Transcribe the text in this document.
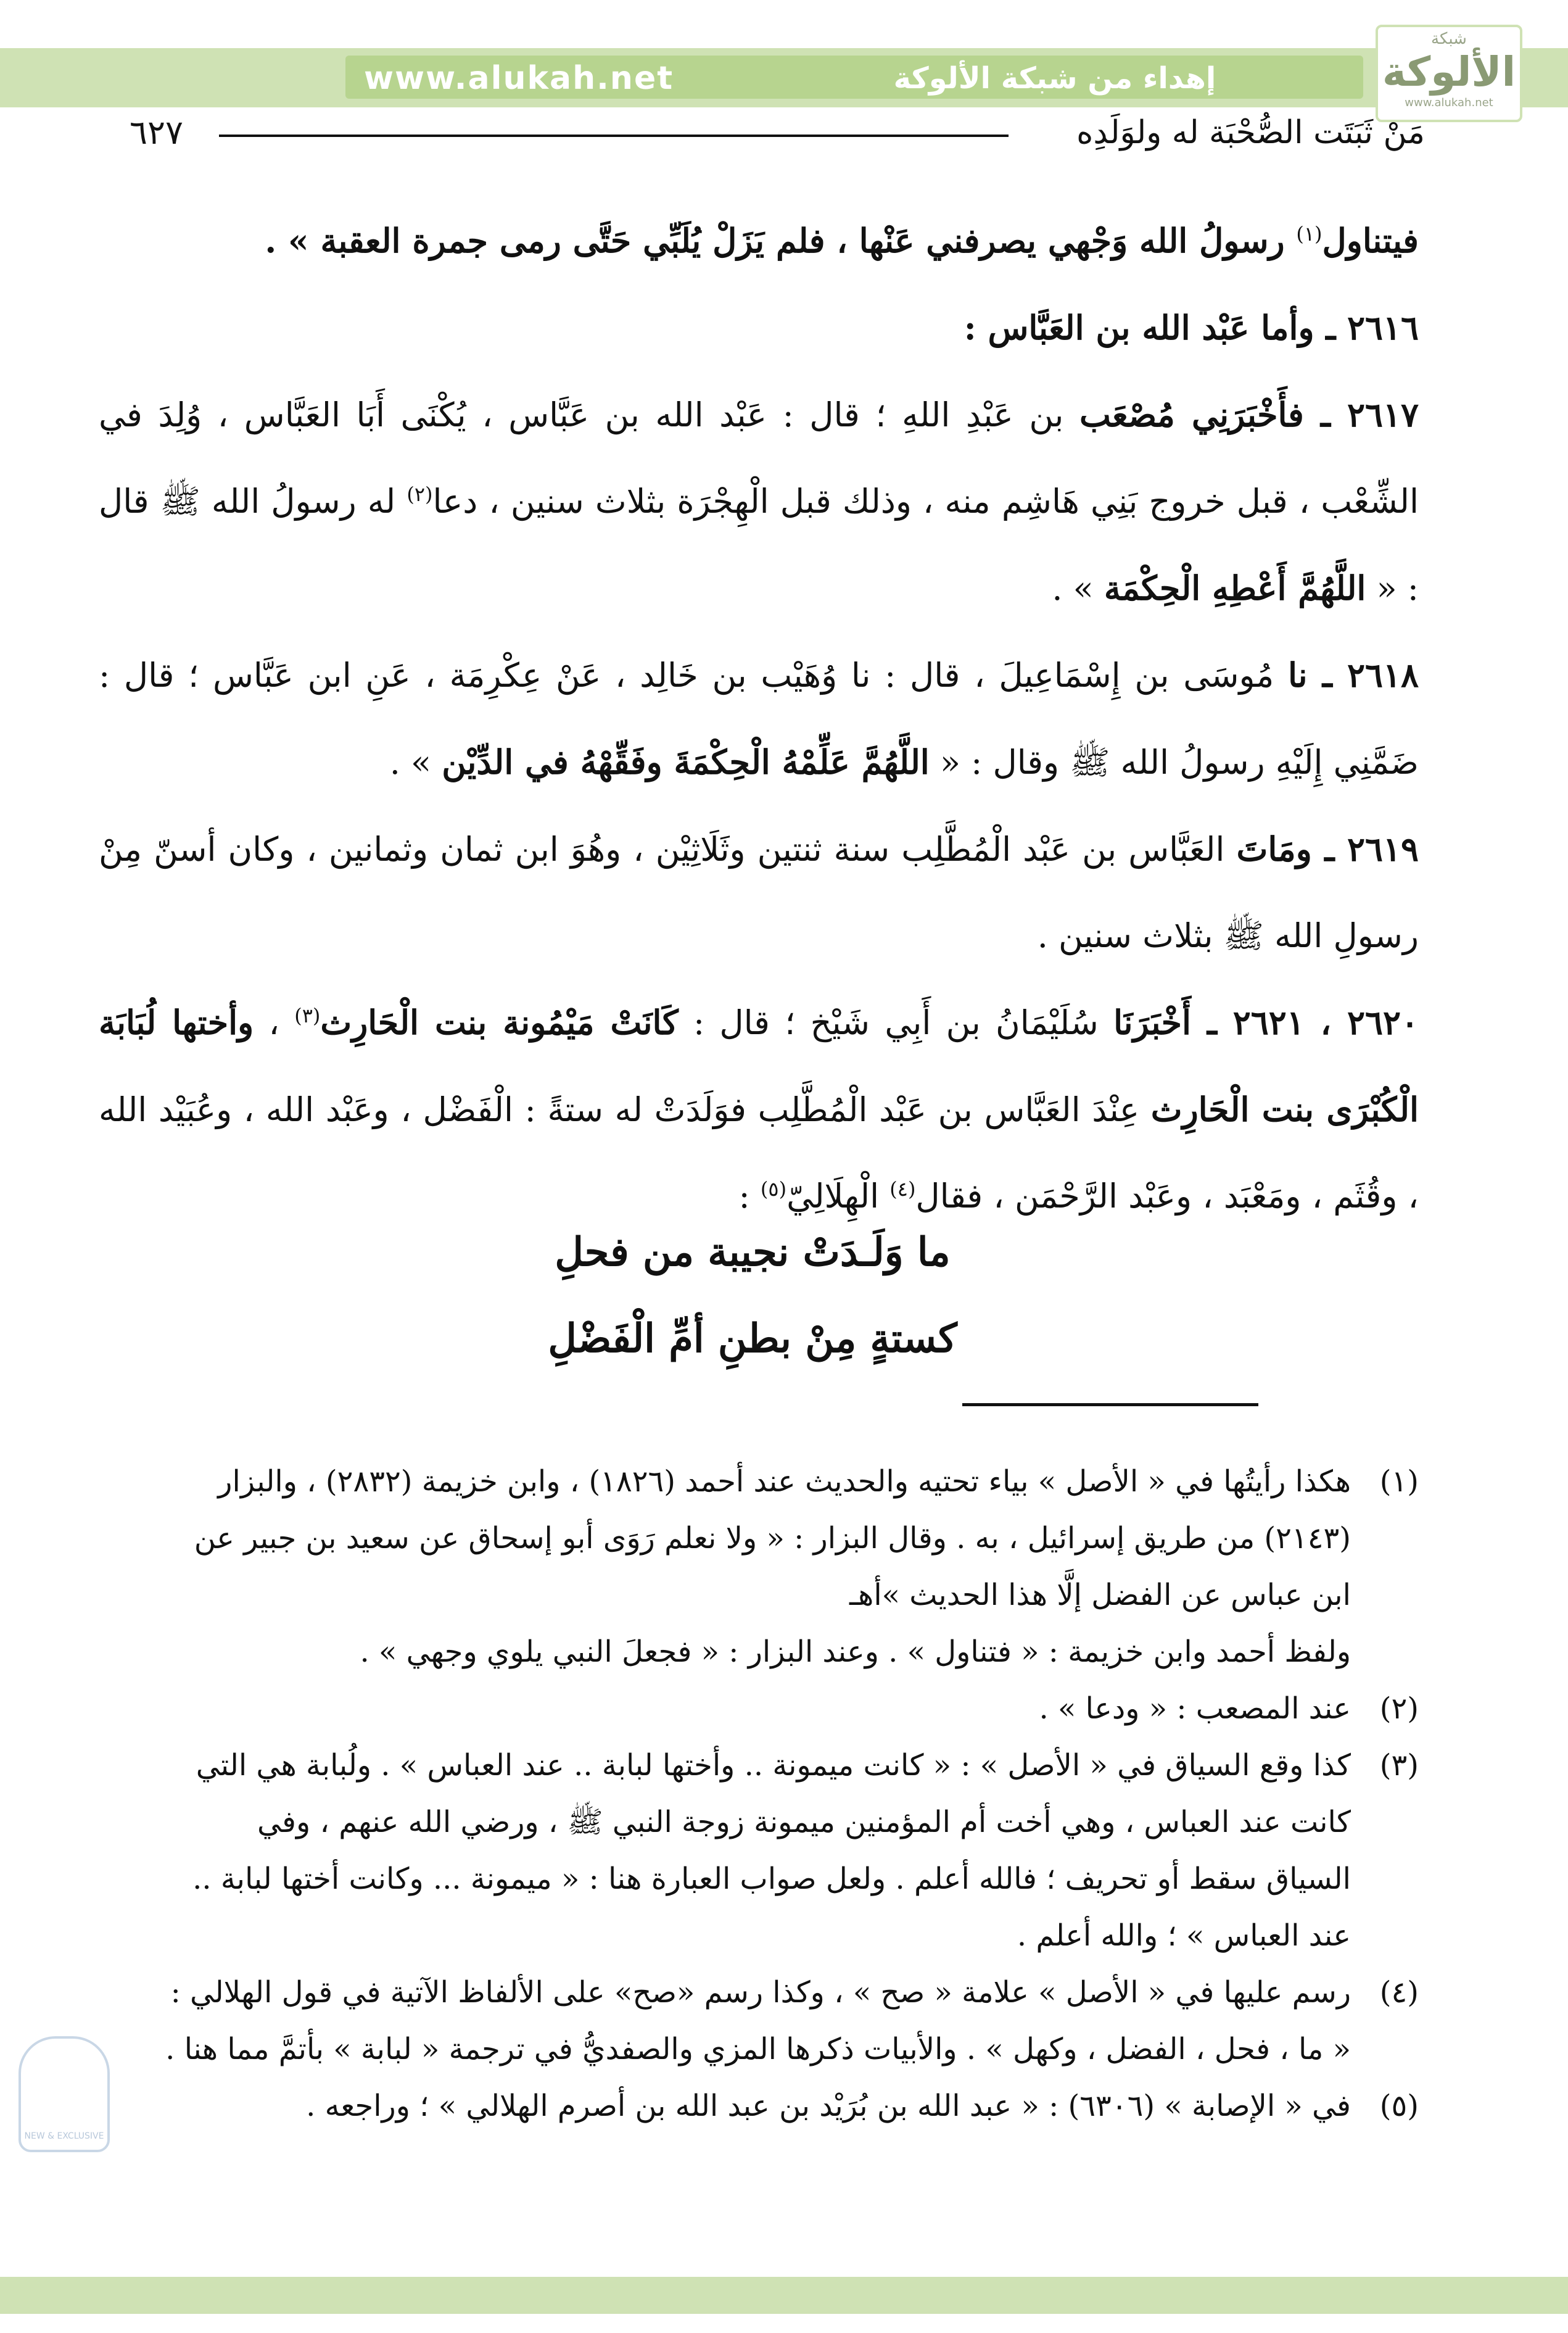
www.alukah.net	إهداء من شبكة الألوكة
شبكة
الألوكة
www.alukah.net
٦٢٧	مَنْ ثَبَتَت الصُّحْبَة له ولوَلَدِه

فيتناول$^{(١)}$ رسولُ الله وَجْهي يصرفني عَنْها ، فلم يَزَلْ يُلَبِّي حَتَّى رمى جمرة العقبة » .

٢٦١٦ ـ وأما عَبْد الله بن العَبَّاس :

٢٦١٧ ـ فأَخْبَرَنِي مُصْعَب بن عَبْدِ اللهِ ؛ قال : عَبْد الله بن عَبَّاس ، يُكْنَى أَبَا العَبَّاس ، وُلِدَ في الشِّعْب ، قبل خروج بَنِي هَاشِم منه ، وذلك قبل الْهِجْرَة بثلاث سنين ، دعا$^{(٢)}$ له رسولُ الله ﷺ قال : « اللَّهُمَّ أَعْطِهِ الْحِكْمَة » .

٢٦١٨ ـ نا مُوسَى بن إِسْمَاعِيلَ ، قال : نا وُهَيْب بن خَالِد ، عَنْ عِكْرِمَة ، عَنِ ابن عَبَّاس ؛ قال : ضَمَّنِي إِلَيْهِ رسولُ الله ﷺ وقال : « اللَّهُمَّ عَلِّمْهُ الْحِكْمَةَ وفَقِّهْهُ في الدِّيْن » .

٢٦١٩ ـ ومَاتَ العَبَّاس بن عَبْد الْمُطَّلِب سنة ثنتين وثَلَاثِيْن ، وهُوَ ابن ثمان وثمانين ، وكان أسنّ مِنْ رسولِ الله ﷺ بثلاث سنين .

٢٦٢٠ ، ٢٦٢١ ـ أَخْبَرَنَا سُلَيْمَانُ بن أَبِي شَيْخ ؛ قال : كَانَتْ مَيْمُونة بنت الْحَارِث$^{(٣)}$ ، وأختها لُبَابَة الْكُبْرَى بنت الْحَارِث عِنْدَ العَبَّاس بن عَبْد الْمُطَّلِب فوَلَدَتْ له ستةً : الْفَضْل ، وعَبْد الله ، وعُبَيْد الله ، وقُثَم ، ومَعْبَد ، وعَبْد الرَّحْمَن ، فقال$^{(٤)}$ الْهِلَالِيّ$^{(٥)}$ :

ما وَلَـدَتْ نجيبة من فحلِ
كستةٍ مِنْ بطنِ أمِّ الْفَضْلِ
(١)
هكذا رأيتُها في « الأصل » بياء تحتيه والحديث عند أحمد (١٨٢٦) ، وابن خزيمة (٢٨٣٢) ، والبزار
(٢١٤٣) من طريق إسرائيل ، به . وقال البزار : « ولا نعلم رَوَى أبو إسحاق عن سعيد بن جبير عن
ابن عباس عن الفضل إلَّا هذا الحديث »أهـ
ولفظ أحمد وابن خزيمة : « فتناول » . وعند البزار : « فجعلَ النبي يلوي وجهي » .
(٢)
عند المصعب : « ودعا » .
(٣)
كذا وقع السياق في « الأصل » : « كانت ميمونة .. وأختها لبابة .. عند العباس » . ولُبابة هي التي
كانت عند العباس ، وهي أخت أم المؤمنين ميمونة زوجة النبي ﷺ ، ورضي الله عنهم ، وفي
السياق سقط أو تحريف ؛ فالله أعلم . ولعل صواب العبارة هنا : « ميمونة ... وكانت أختها لبابة ..
عند العباس » ؛ والله أعلم .
(٤)
رسم عليها في « الأصل » علامة « صح » ، وكذا رسم «صح» على الألفاظ الآتية في قول الهلالي :
« ما ، فحل ، الفضل ، وكهل » . والأبيات ذكرها المزي والصفديُّ في ترجمة « لبابة » بأتمَّ مما هنا .
(٥)
في « الإصابة » (٦٣٠٦) : « عبد الله بن بُرَيْد بن عبد الله بن أصرم الهلالي » ؛ وراجعه .
NEW & EXCLUSIVE
